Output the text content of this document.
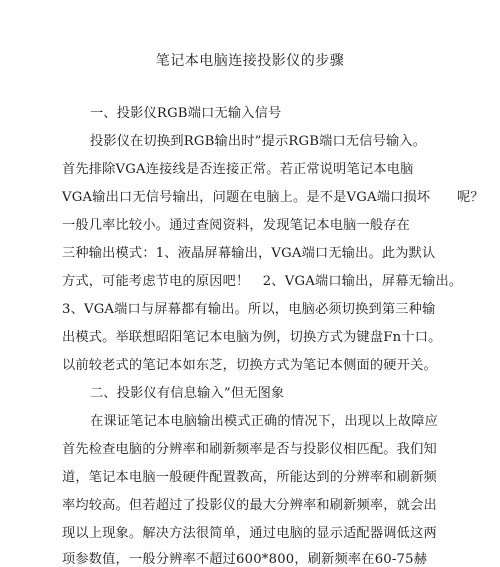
笔记本电脑连接投影仪的步骤
一、投影仪RGB端口无输入信号
投影仪在切换到RGB输出时”提示RGB端口无信号输入。
首先排除VGA连接线是否连接正常。若正常说明笔记本电脑
VGA输出口无信号输出，问题在电脑上。是不是VGA端口损坏　　呢？
一般几率比较小。通过查阅资料，发现笔记本电脑一般存在
三种输出模式：1、液晶屏幕输出，VGA端口无输出。此为默认
方式，可能考虑节电的原因吧！　2、VGA端口输出，屏幕无输出。
3、VGA端口与屏幕都有输出。所以，电脑必须切换到第三种输
出模式。举联想昭阳笔记本电脑为例，切换方式为键盘Fn十口。
以前较老式的笔记本如东芝，切换方式为笔记本侧面的硬开关。
二、投影仪有信息输入”但无图象
在课证笔记本电脑输出模式正确的情况下，出现以上故障应
首先检查电脑的分辨率和刷新频率是否与投影仪相匹配。我们知
道，笔记本电脑一般硬件配置教高，所能达到的分辨率和刷新频
率均较高。但若超过了投影仪的最大分辨率和刷新频率，就会出
现以上现象。解决方法很简单，通过电脑的显示适配器调低这两
项参数值，一般分辨率不超过600*800，刷新频率在60-75赫
